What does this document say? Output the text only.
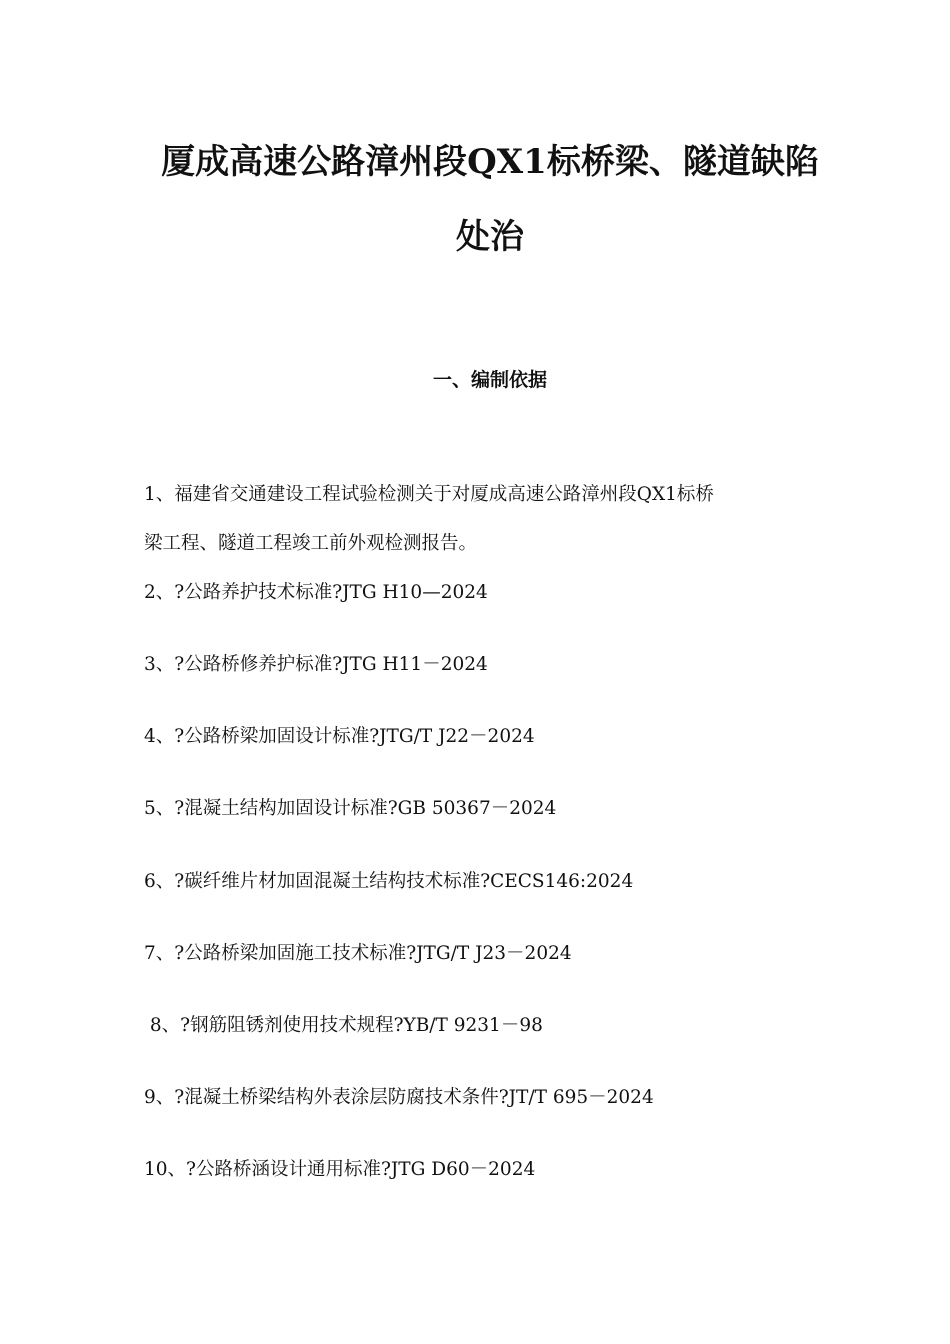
厦成高速公路漳州段QX1标桥梁、隧道缺陷
处治
一、编制依据
1、福建省交通建设工程试验检测关于对厦成高速公路漳州段QX1标桥
梁工程、隧道工程竣工前外观检测报告。
2、?公路养护技术标准?JTG H10—2024
3、?公路桥修养护标准?JTG H11－2024
4、?公路桥梁加固设计标准?JTG/T J22－2024
5、?混凝土结构加固设计标准?GB 50367－2024
6、?碳纤维片材加固混凝土结构技术标准?CECS146:2024
7、?公路桥梁加固施工技术标准?JTG/T J23－2024
8、?钢筋阻锈剂使用技术规程?YB/T 9231－98
9、?混凝土桥梁结构外表涂层防腐技术条件?JT/T 695－2024
10、?公路桥涵设计通用标准?JTG D60－2024
